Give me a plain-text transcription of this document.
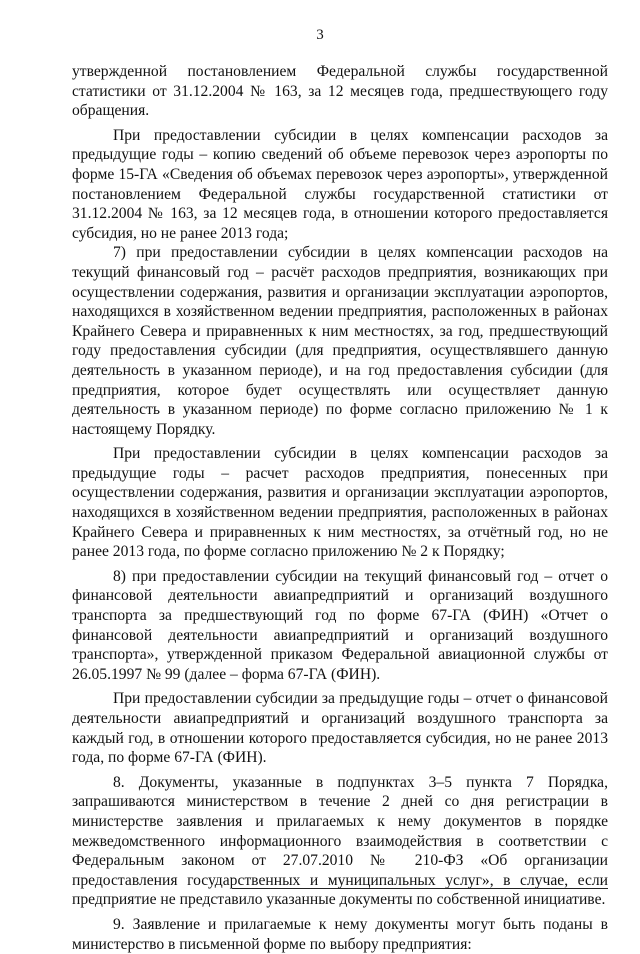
3

утвержденной постановлением Федеральной службы государственной статистики от 31.12.2004 № 163, за 12 месяцев года, предшествующего году обращения.

При предоставлении субсидии в целях компенсации расходов за предыдущие годы – копию сведений об объеме перевозок через аэропорты по форме 15-ГА «Сведения об объемах перевозок через аэропорты», утвержденной постановлением Федеральной службы государственной статистики от 31.12.2004 № 163, за 12 месяцев года, в отношении которого предоставляется субсидия, но не ранее 2013 года;

7) при предоставлении субсидии в целях компенсации расходов на текущий финансовый год – расчёт расходов предприятия, возникающих при осуществлении содержания, развития и организации эксплуатации аэропортов, находящихся в хозяйственном ведении предприятия, расположенных в районах Крайнего Севера и приравненных к ним местностях, за год, предшествующий году предоставления субсидии (для предприятия, осуществлявшего данную деятельность в указанном периоде), и на год предоставления субсидии (для предприятия, которое будет осуществлять или осуществляет данную деятельность в указанном периоде) по форме согласно приложению № 1 к настоящему Порядку.

При предоставлении субсидии в целях компенсации расходов за предыдущие годы – расчет расходов предприятия, понесенных при осуществлении содержания, развития и организации эксплуатации аэропортов, находящихся в хозяйственном ведении предприятия, расположенных в районах Крайнего Севера и приравненных к ним местностях, за отчётный год, но не ранее 2013 года, по форме согласно приложению № 2 к Порядку;

8) при предоставлении субсидии на текущий финансовый год – отчет о финансовой деятельности авиапредприятий и организаций воздушного транспорта за предшествующий год по форме 67-ГА (ФИН) «Отчет о финансовой деятельности авиапредприятий и организаций воздушного транспорта», утвержденной приказом Федеральной авиационной службы от 26.05.1997 № 99 (далее – форма 67-ГА (ФИН).

При предоставлении субсидии за предыдущие годы – отчет о финансовой деятельности авиапредприятий и организаций воздушного транспорта за каждый год, в отношении которого предоставляется субсидия, но не ранее 2013 года, по форме 67-ГА (ФИН).

8. Документы, указанные в подпунктах 3–5 пункта 7 Порядка, запрашиваются министерством в течение 2 дней со дня регистрации в министерстве заявления и прилагаемых к нему документов в порядке межведомственного информационного взаимодействия в соответствии с Федеральным законом от 27.07.2010 № 210-ФЗ «Об организации предоставления государственных и муниципальных услуг», в случае, если предприятие не представило указанные документы по собственной инициативе.

9. Заявление и прилагаемые к нему документы могут быть поданы в министерство в письменной форме по выбору предприятия:
